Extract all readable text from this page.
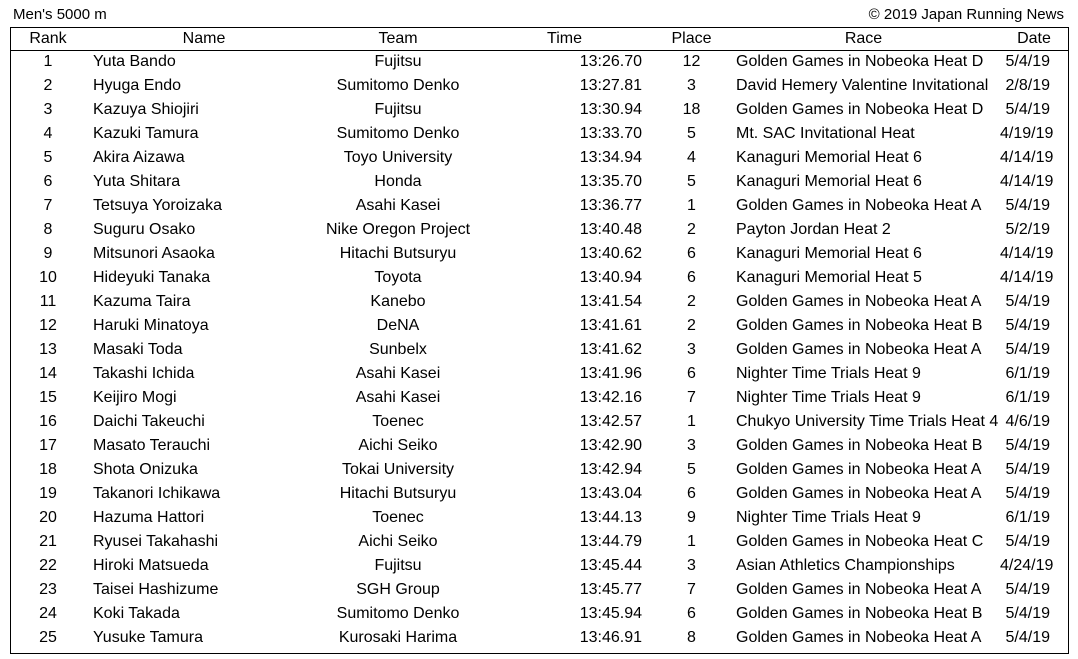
Men's 5000 m	© 2019 Japan Running News
Rank	Name	Team	Time	Place	Race	Date
1	Yuta Bando	Fujitsu	13:26.70	12	Golden Games in Nobeoka Heat D	5/4/19
2	Hyuga Endo	Sumitomo Denko	13:27.81	3	David Hemery Valentine Invitational	2/8/19
3	Kazuya Shiojiri	Fujitsu	13:30.94	18	Golden Games in Nobeoka Heat D	5/4/19
4	Kazuki Tamura	Sumitomo Denko	13:33.70	5	Mt. SAC Invitational Heat	4/19/19
5	Akira Aizawa	Toyo University	13:34.94	4	Kanaguri Memorial Heat 6	4/14/19
6	Yuta Shitara	Honda	13:35.70	5	Kanaguri Memorial Heat 6	4/14/19
7	Tetsuya Yoroizaka	Asahi Kasei	13:36.77	1	Golden Games in Nobeoka Heat A	5/4/19
8	Suguru Osako	Nike Oregon Project	13:40.48	2	Payton Jordan Heat 2	5/2/19
9	Mitsunori Asaoka	Hitachi Butsuryu	13:40.62	6	Kanaguri Memorial Heat 6	4/14/19
10	Hideyuki Tanaka	Toyota	13:40.94	6	Kanaguri Memorial Heat 5	4/14/19
11	Kazuma Taira	Kanebo	13:41.54	2	Golden Games in Nobeoka Heat A	5/4/19
12	Haruki Minatoya	DeNA	13:41.61	2	Golden Games in Nobeoka Heat B	5/4/19
13	Masaki Toda	Sunbelx	13:41.62	3	Golden Games in Nobeoka Heat A	5/4/19
14	Takashi Ichida	Asahi Kasei	13:41.96	6	Nighter Time Trials Heat 9	6/1/19
15	Keijiro Mogi	Asahi Kasei	13:42.16	7	Nighter Time Trials Heat 9	6/1/19
16	Daichi Takeuchi	Toenec	13:42.57	1	Chukyo University Time Trials Heat 4	4/6/19
17	Masato Terauchi	Aichi Seiko	13:42.90	3	Golden Games in Nobeoka Heat B	5/4/19
18	Shota Onizuka	Tokai University	13:42.94	5	Golden Games in Nobeoka Heat A	5/4/19
19	Takanori Ichikawa	Hitachi Butsuryu	13:43.04	6	Golden Games in Nobeoka Heat A	5/4/19
20	Hazuma Hattori	Toenec	13:44.13	9	Nighter Time Trials Heat 9	6/1/19
21	Ryusei Takahashi	Aichi Seiko	13:44.79	1	Golden Games in Nobeoka Heat C	5/4/19
22	Hiroki Matsueda	Fujitsu	13:45.44	3	Asian Athletics Championships	4/24/19
23	Taisei Hashizume	SGH Group	13:45.77	7	Golden Games in Nobeoka Heat A	5/4/19
24	Koki Takada	Sumitomo Denko	13:45.94	6	Golden Games in Nobeoka Heat B	5/4/19
25	Yusuke Tamura	Kurosaki Harima	13:46.91	8	Golden Games in Nobeoka Heat A	5/4/19
